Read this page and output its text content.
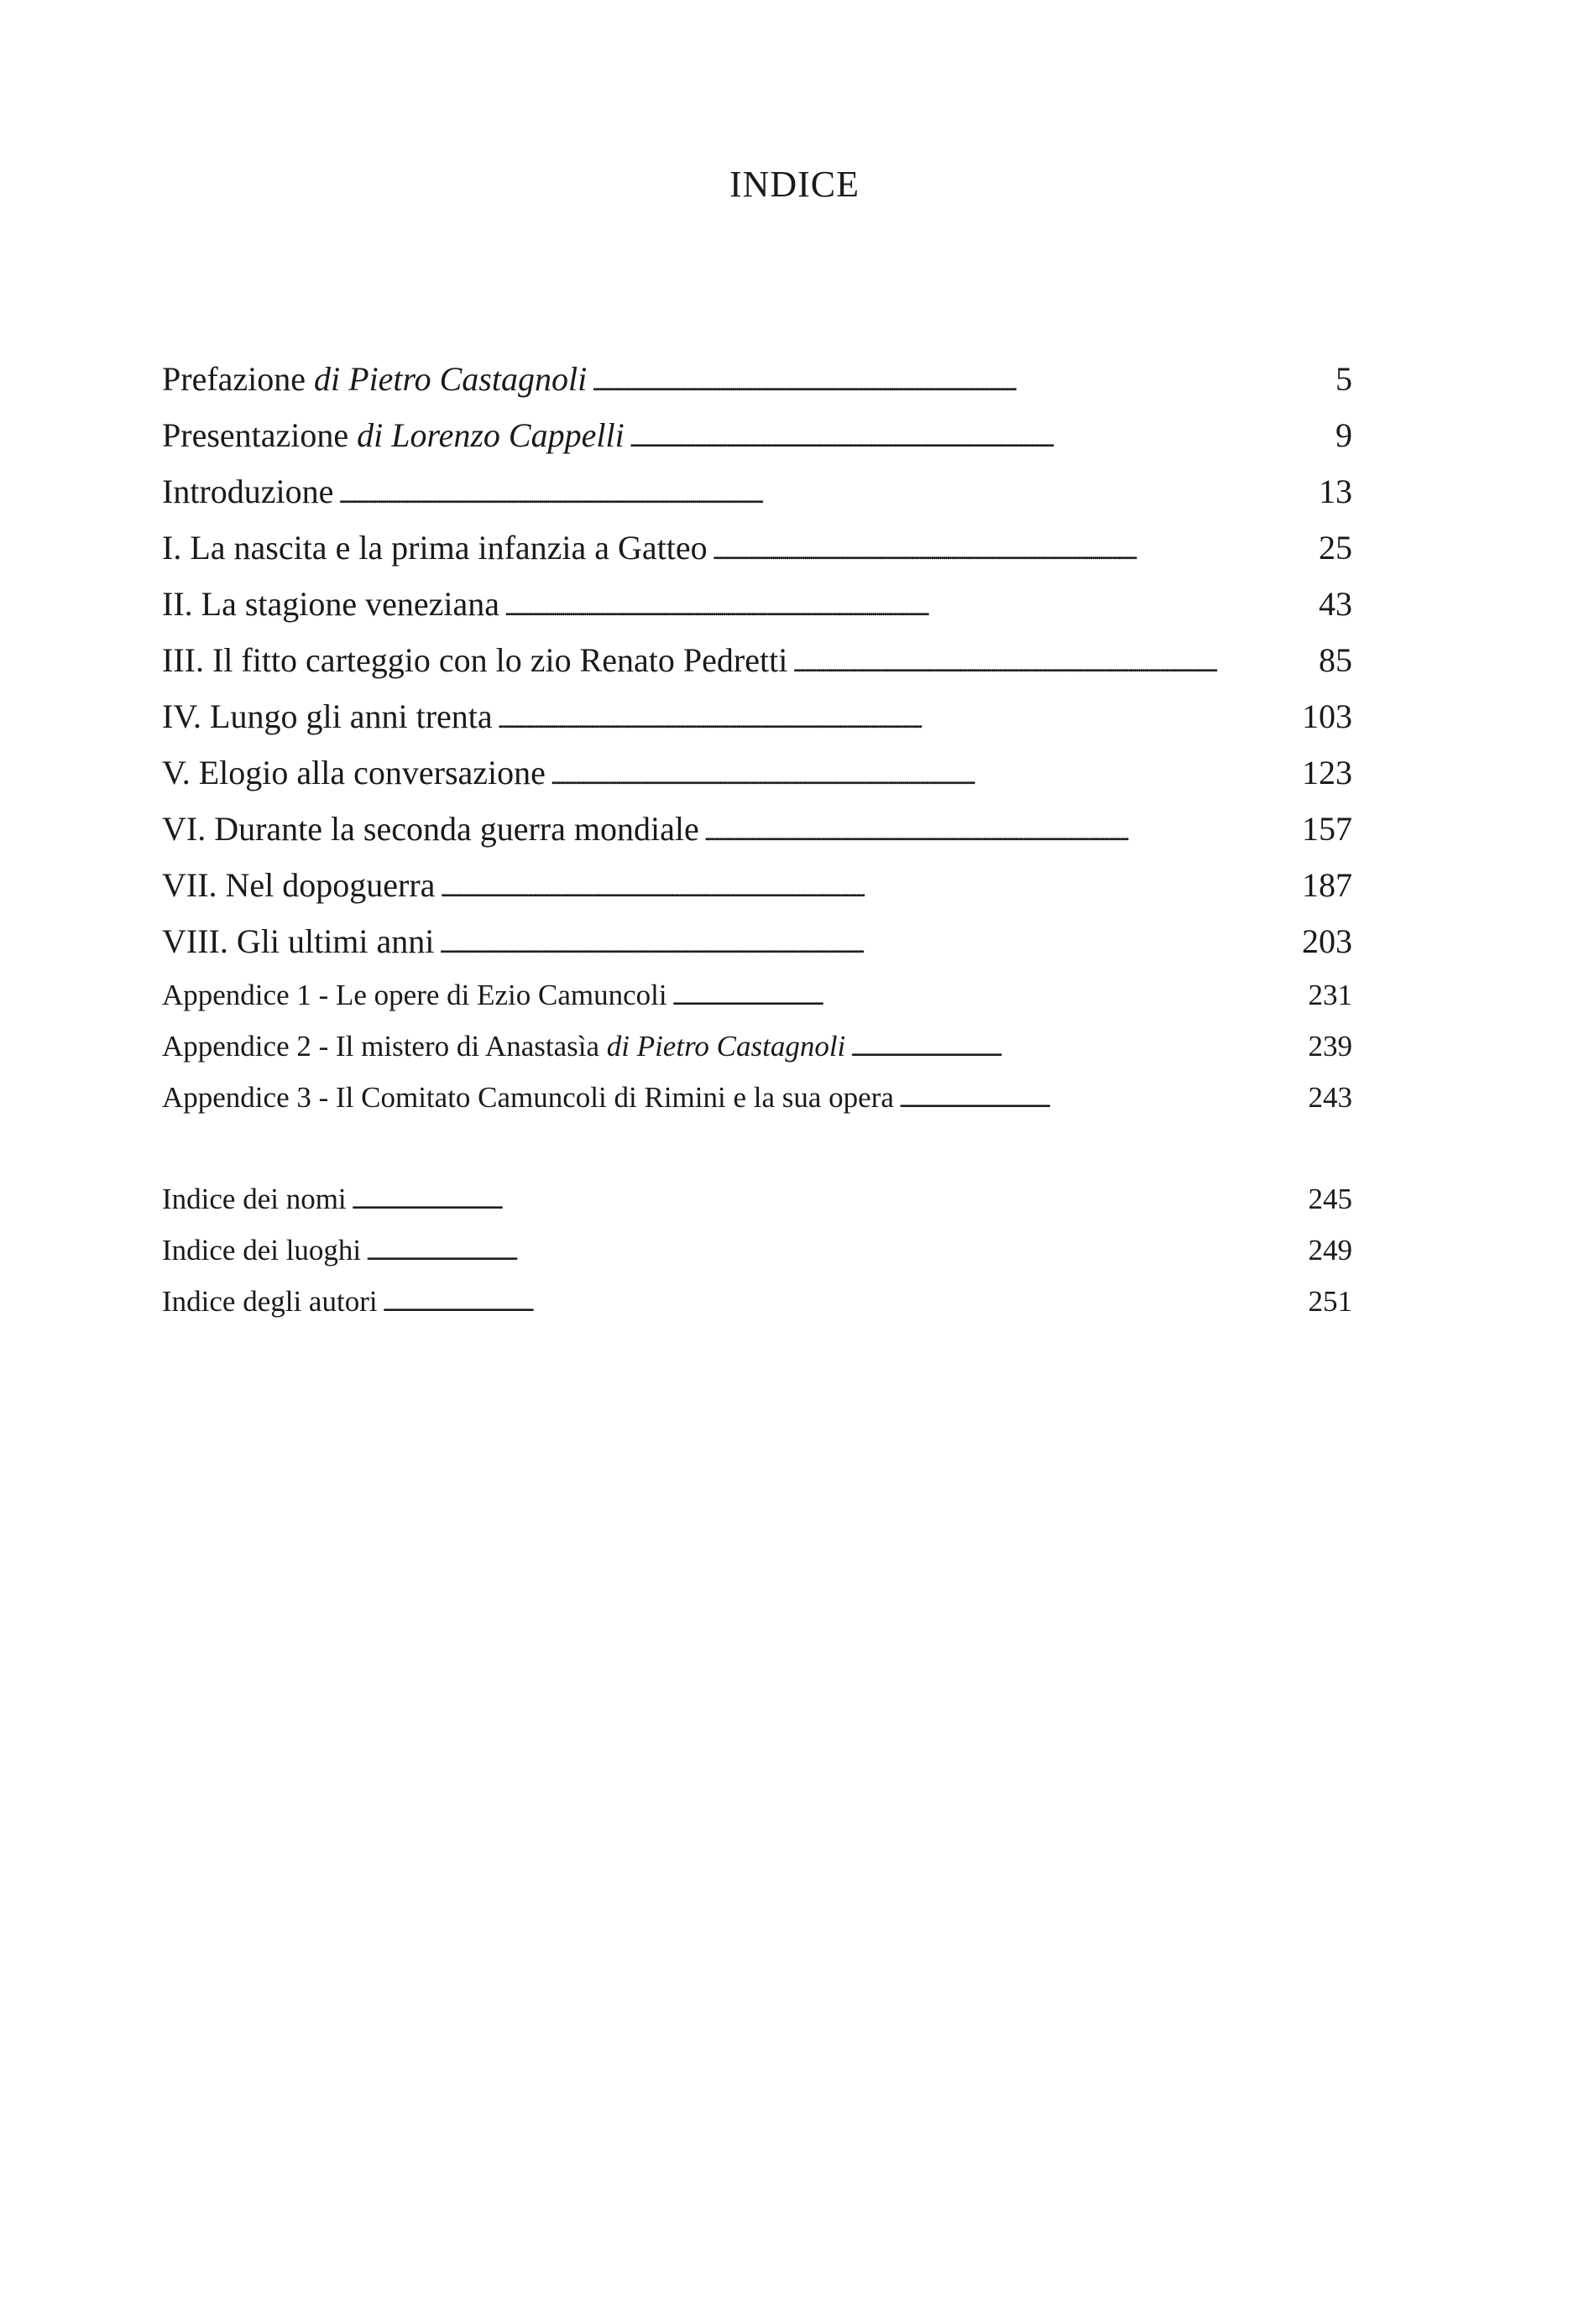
INDICE
Prefazione di Pietro Castagnoli . . .	5
Presentazione di Lorenzo Cappelli . . .	9
Introduzione . . .	13
I. La nascita e la prima infanzia a Gatteo . . .	25
II. La stagione veneziana . . .	43
III. Il fitto carteggio con lo zio Renato Pedretti . . .	85
IV. Lungo gli anni trenta . . .	103
V. Elogio alla conversazione . . .	123
VI. Durante la seconda guerra mondiale . . .	157
VII. Nel dopoguerra . . .	187
VIII. Gli ultimi anni . . .	203
Appendice 1 - Le opere di Ezio Camuncoli . . .	231
Appendice 2 - Il mistero di Anastasìa di Pietro Castagnoli . . .	239
Appendice 3 - Il Comitato Camuncoli di Rimini e la sua opera . . .	243
Indice dei nomi . . .	245
Indice dei luoghi . . .	249
Indice degli autori . . .	251
